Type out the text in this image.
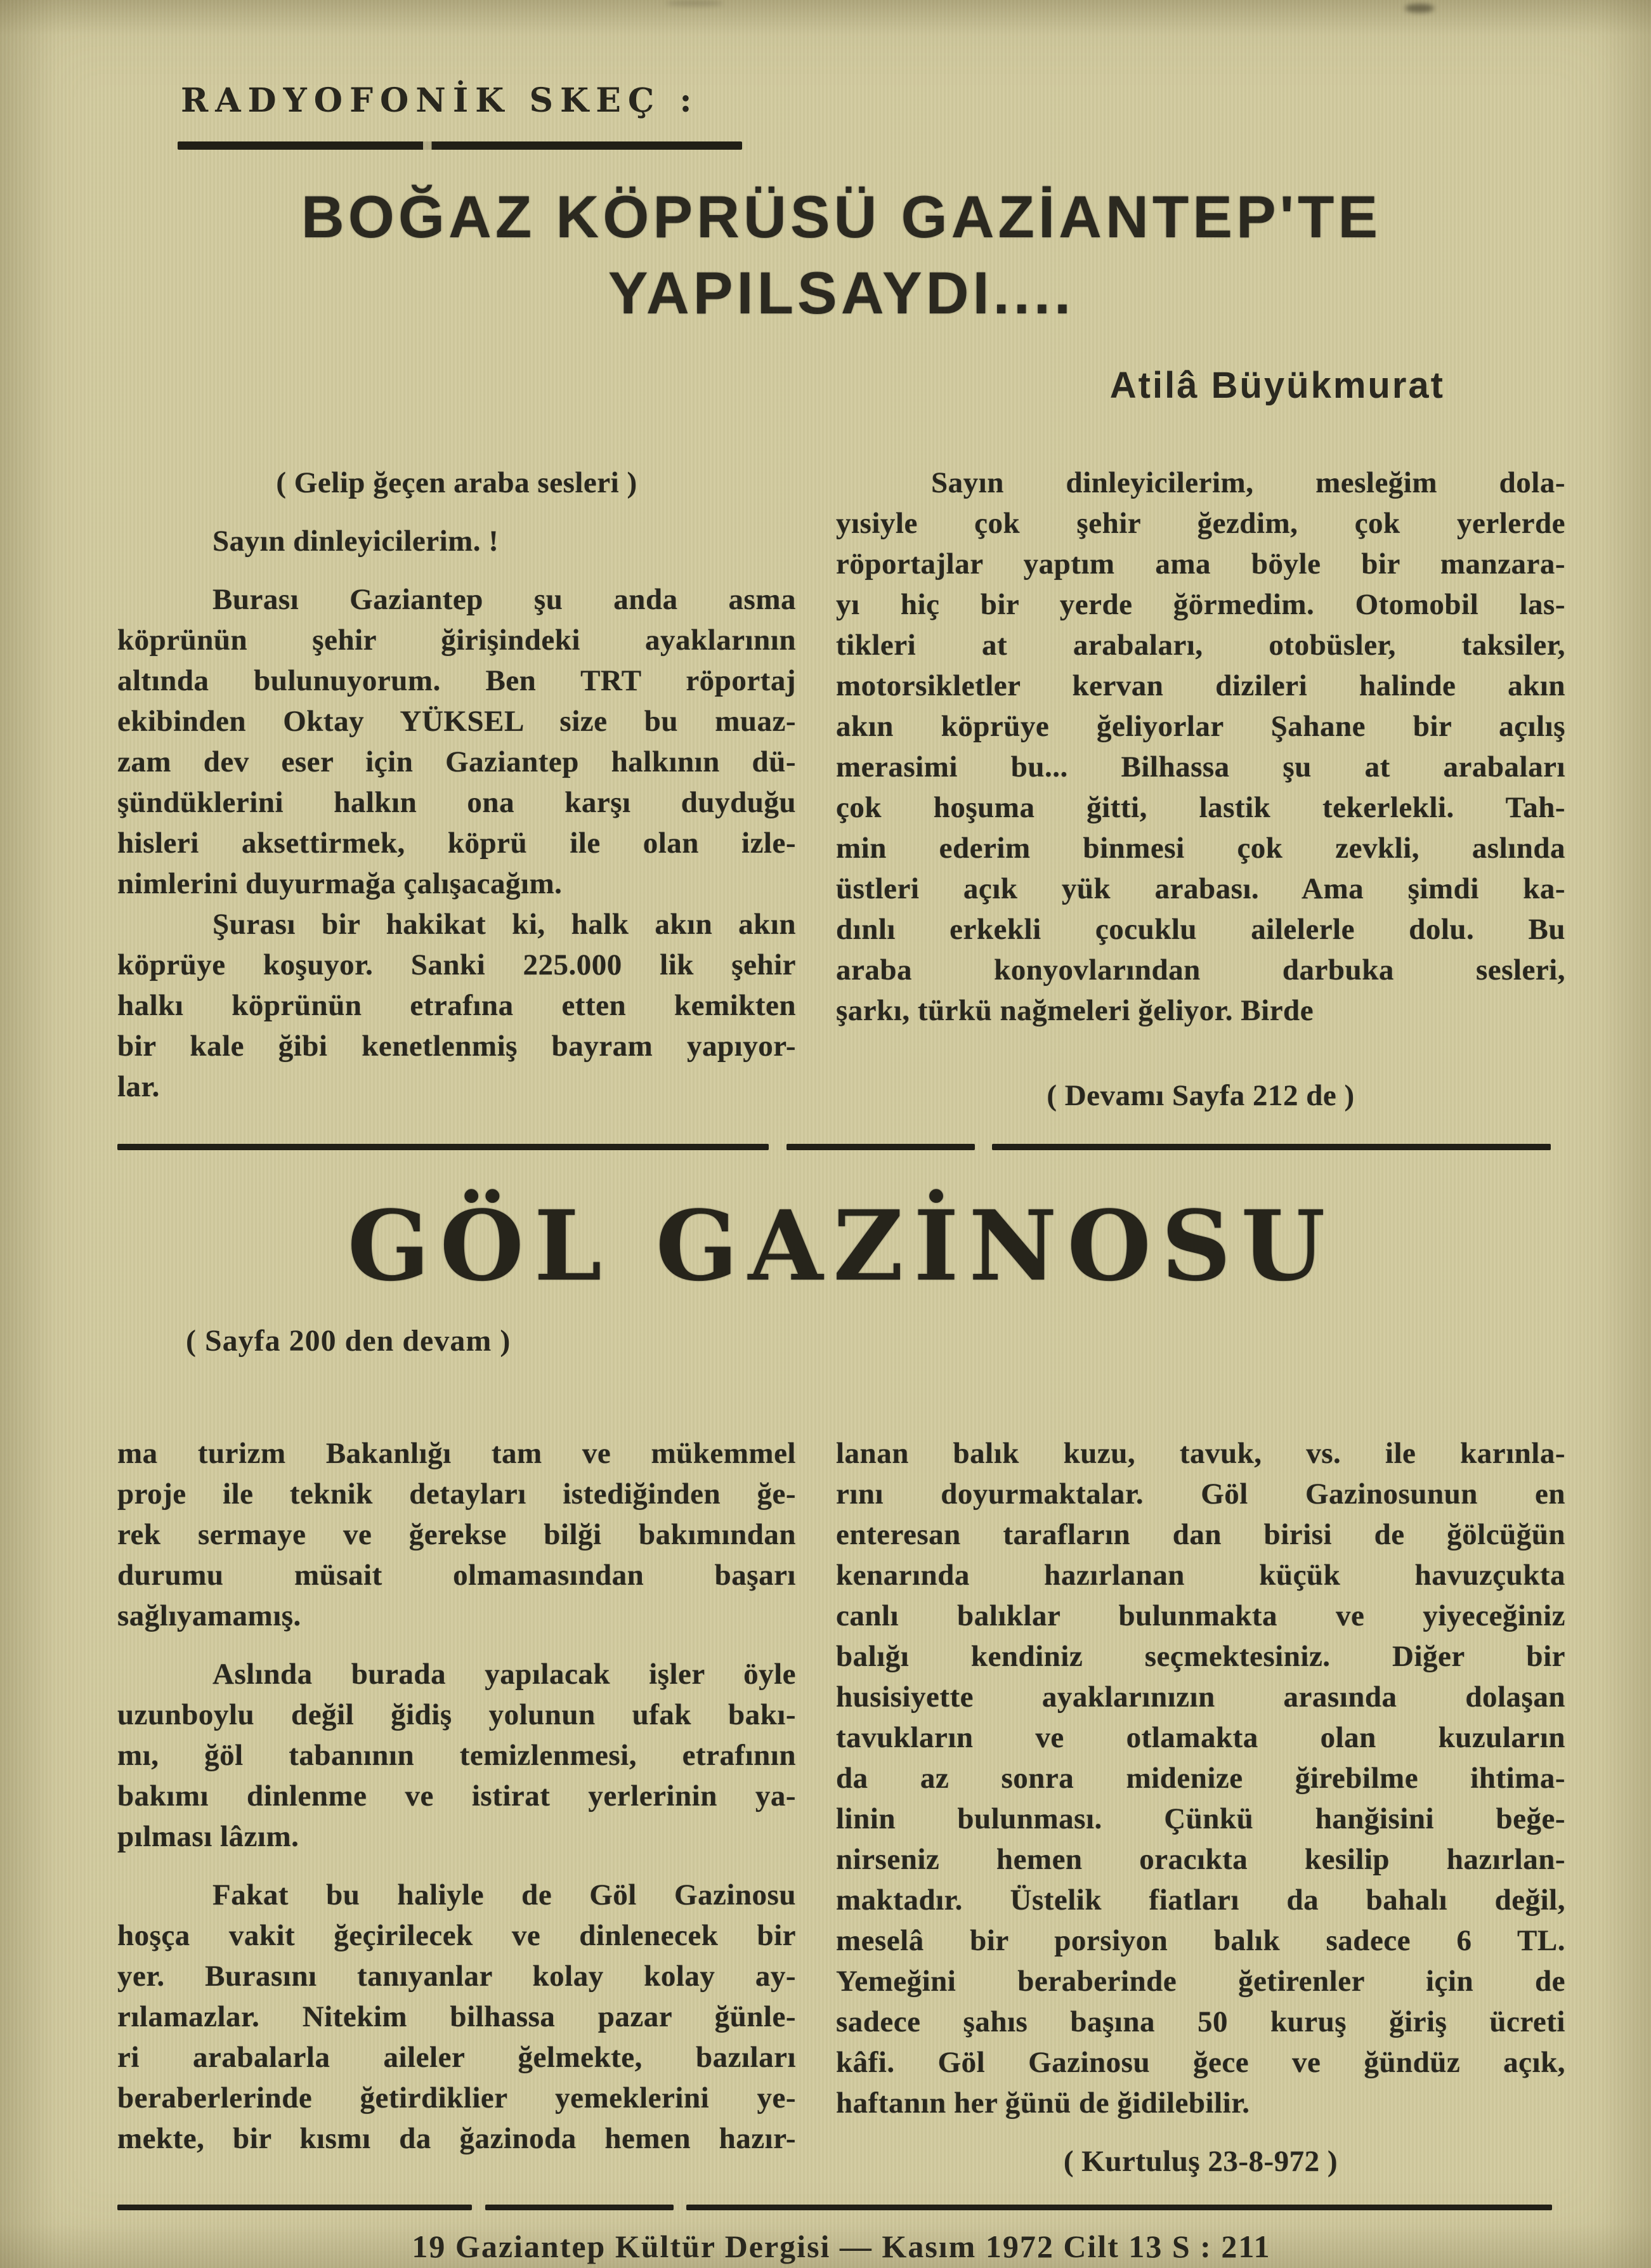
RADYOFONİK SKEÇ :
BOĞAZ KÖPRÜSÜ GAZİANTEP'TE
YAPILSAYDI....
Atilâ Büyükmurat
( Gelip ğeçen araba sesleri )
Sayın dinleyicilerim. !
Burası Gaziantep şu anda asma
köprünün şehir ğirişindeki ayaklarının
altında bulunuyorum. Ben TRT röportaj
ekibinden Oktay YÜKSEL size bu muaz-
zam dev eser için Gaziantep halkının dü-
şündüklerini halkın ona karşı duyduğu
hisleri aksettirmek, köprü ile olan izle-
nimlerini duyurmağa çalışacağım.
Şurası bir hakikat ki, halk akın akın
köprüye koşuyor. Sanki 225.000 lik şehir
halkı köprünün etrafına etten kemikten
bir kale ğibi kenetlenmiş bayram yapıyor-
lar.
Sayın dinleyicilerim, mesleğim dola-
yısiyle çok şehir ğezdim, çok yerlerde
röportajlar yaptım ama böyle bir manzara-
yı hiç bir yerde ğörmedim. Otomobil las-
tikleri at arabaları, otobüsler, taksiler,
motorsikletler kervan dizileri halinde akın
akın köprüye ğeliyorlar Şahane bir açılış
merasimi bu... Bilhassa şu at arabaları
çok hoşuma ğitti, lastik tekerlekli. Tah-
min ederim binmesi çok zevkli, aslında
üstleri açık yük arabası. Ama şimdi ka-
dınlı erkekli çocuklu ailelerle dolu. Bu
araba konyovlarından darbuka sesleri,
şarkı, türkü nağmeleri ğeliyor. Birde
( Devamı Sayfa 212 de )
GÖL GAZİNOSU
( Sayfa 200 den devam )
ma turizm Bakanlığı tam ve mükemmel
proje ile teknik detayları istediğinden ğe-
rek sermaye ve ğerekse bilği bakımından
durumu müsait olmamasından başarı
sağlıyamamış.
Aslında burada yapılacak işler öyle
uzunboylu değil ğidiş yolunun ufak bakı-
mı, ğöl tabanının temizlenmesi, etrafının
bakımı dinlenme ve istirat yerlerinin ya-
pılması lâzım.
Fakat bu haliyle de Göl Gazinosu
hoşça vakit ğeçirilecek ve dinlenecek bir
yer. Burasını tanıyanlar kolay kolay ay-
rılamazlar. Nitekim bilhassa pazar ğünle-
ri arabalarla aileler ğelmekte, bazıları
beraberlerinde ğetirdiklier yemeklerini ye-
mekte, bir kısmı da ğazinoda hemen hazır-
lanan balık kuzu, tavuk, vs. ile karınla-
rını doyurmaktalar. Göl Gazinosunun en
enteresan tarafların dan birisi de ğölcüğün
kenarında hazırlanan küçük havuzçukta
canlı balıklar bulunmakta ve yiyeceğiniz
balığı kendiniz seçmektesiniz. Diğer bir
husisiyette ayaklarınızın arasında dolaşan
tavukların ve otlamakta olan kuzuların
da az sonra midenize ğirebilme ihtima-
linin bulunması. Çünkü hanğisini beğe-
nirseniz hemen oracıkta kesilip hazırlan-
maktadır. Üstelik fiatları da bahalı değil,
meselâ bir porsiyon balık sadece 6 TL.
Yemeğini beraberinde ğetirenler için de
sadece şahıs başına 50 kuruş ğiriş ücreti
kâfi. Göl Gazinosu ğece ve ğündüz açık,
haftanın her ğünü de ğidilebilir.
( Kurtuluş 23-8-972 )
19 Gaziantep Kültür Dergisi — Kasım 1972 Cilt 13 S : 211
